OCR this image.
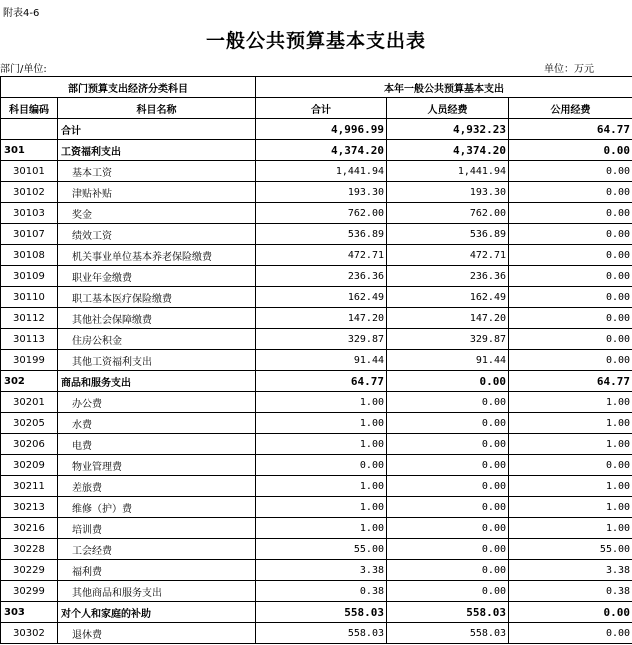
附表4-6
一般公共预算基本支出表
部门/单位:	单位：万元
部门预算支出经济分类科目		本年一般公共预算基本支出		
科目编码	科目名称	合计	人员经费	公用经费
	合计	4,996.99	4,932.23	64.77
301	工资福利支出	4,374.20	4,374.20	0.00
30101	基本工资	1,441.94	1,441.94	0.00
30102	津贴补贴	193.30	193.30	0.00
30103	奖金	762.00	762.00	0.00
30107	绩效工资	536.89	536.89	0.00
30108	机关事业单位基本养老保险缴费	472.71	472.71	0.00
30109	职业年金缴费	236.36	236.36	0.00
30110	职工基本医疗保险缴费	162.49	162.49	0.00
30112	其他社会保障缴费	147.20	147.20	0.00
30113	住房公积金	329.87	329.87	0.00
30199	其他工资福利支出	91.44	91.44	0.00
302	商品和服务支出	64.77	0.00	64.77
30201	办公费	1.00	0.00	1.00
30205	水费	1.00	0.00	1.00
30206	电费	1.00	0.00	1.00
30209	物业管理费	0.00	0.00	0.00
30211	差旅费	1.00	0.00	1.00
30213	维修（护）费	1.00	0.00	1.00
30216	培训费	1.00	0.00	1.00
30228	工会经费	55.00	0.00	55.00
30229	福利费	3.38	0.00	3.38
30299	其他商品和服务支出	0.38	0.00	0.38
303	对个人和家庭的补助	558.03	558.03	0.00
30302	退休费	558.03	558.03	0.00
